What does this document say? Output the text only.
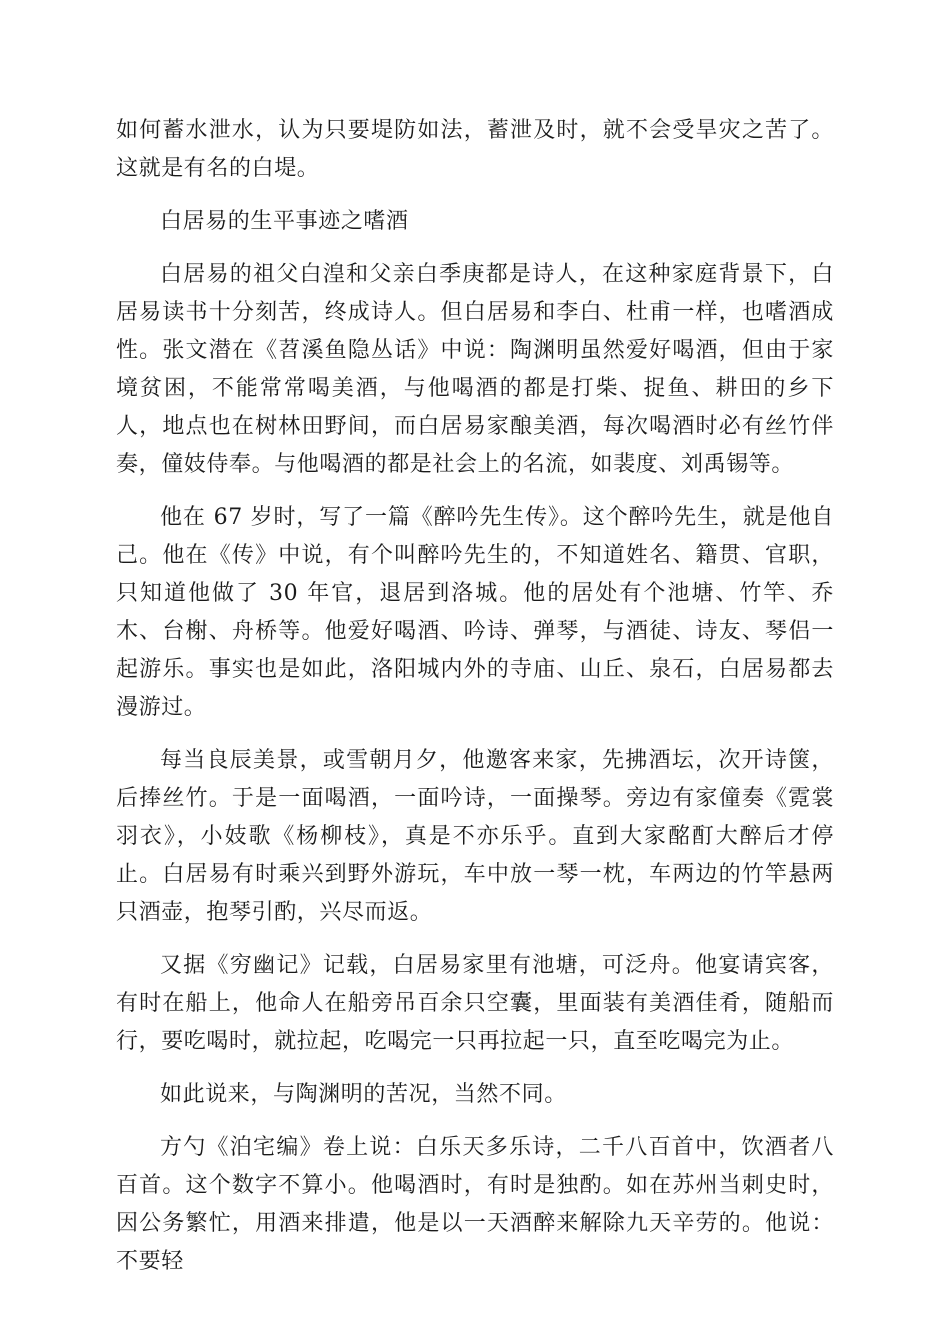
如何蓄水泄水，认为只要堤防如法，蓄泄及时，就不会受旱灾之苦了。这就是有名的白堤。

白居易的生平事迹之嗜酒

白居易的祖父白湟和父亲白季庚都是诗人，在这种家庭背景下，白居易读书十分刻苦，终成诗人。但白居易和李白、杜甫一样，也嗜酒成性。张文潜在《苕溪鱼隐丛话》中说：陶渊明虽然爱好喝酒，但由于家境贫困，不能常常喝美酒，与他喝酒的都是打柴、捉鱼、耕田的乡下人，地点也在树林田野间，而白居易家酿美酒，每次喝酒时必有丝竹伴奏，僮妓侍奉。与他喝酒的都是社会上的名流，如裴度、刘禹锡等。

他在 67 岁时，写了一篇《醉吟先生传》。这个醉吟先生，就是他自己。他在《传》中说，有个叫醉吟先生的，不知道姓名、籍贯、官职，只知道他做了 30 年官，退居到洛城。他的居处有个池塘、竹竿、乔木、台榭、舟桥等。他爱好喝酒、吟诗、弹琴，与酒徒、诗友、琴侣一起游乐。事实也是如此，洛阳城内外的寺庙、山丘、泉石，白居易都去漫游过。

每当良辰美景，或雪朝月夕，他邀客来家，先拂酒坛，次开诗箧，后捧丝竹。于是一面喝酒，一面吟诗，一面操琴。旁边有家僮奏《霓裳羽衣》，小妓歌《杨柳枝》，真是不亦乐乎。直到大家酩酊大醉后才停止。白居易有时乘兴到野外游玩，车中放一琴一枕，车两边的竹竿悬两只酒壶，抱琴引酌，兴尽而返。

又据《穷幽记》记载，白居易家里有池塘，可泛舟。他宴请宾客，有时在船上，他命人在船旁吊百余只空囊，里面装有美酒佳肴，随船而行，要吃喝时，就拉起，吃喝完一只再拉起一只，直至吃喝完为止。

如此说来，与陶渊明的苦况，当然不同。

方勺《泊宅编》卷上说：白乐天多乐诗，二千八百首中，饮酒者八百首。这个数字不算小。他喝酒时，有时是独酌。如在苏州当刺史时，因公务繁忙，用酒来排遣，他是以一天酒醉来解除九天辛劳的。他说：不要轻
